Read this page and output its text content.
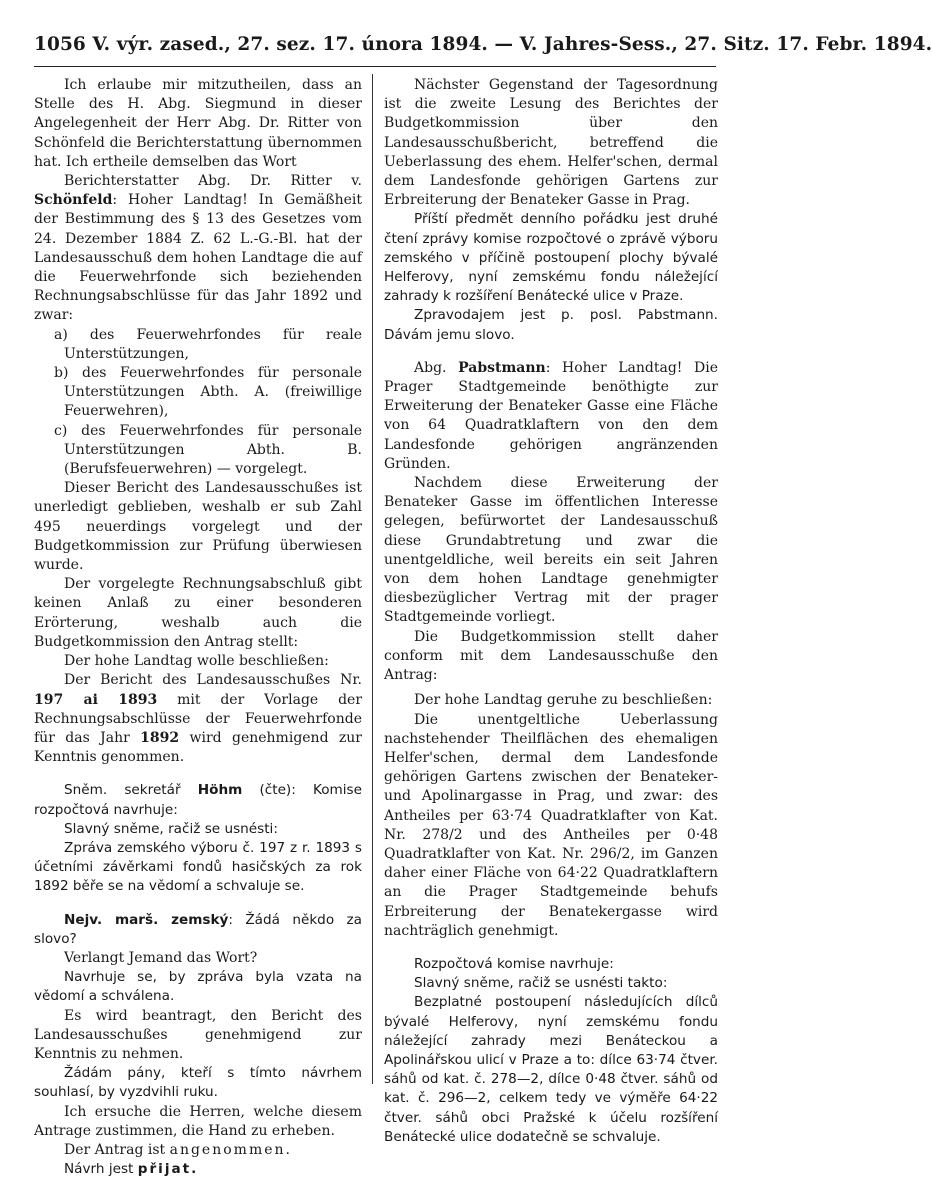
1056 V. výr. zased., 27. sez. 17. února 1894. — V. Jahres-Sess., 27. Sitz. 17. Febr. 1894.

Ich erlaube mir mitzutheilen, dass an Stelle des H. Abg. Siegmund in dieser Angelegenheit der Herr Abg. Dr. Ritter von Schönfeld die Berichterstattung übernommen hat. Ich ertheile demselben das Wort

Berichterstatter Abg. Dr. Ritter v. Schönfeld: Hoher Landtag! In Gemäßheit der Bestimmung des § 13 des Gesetzes vom 24. Dezember 1884 Z. 62 L.-G.-Bl. hat der Landesausschuß dem hohen Landtage die auf die Feuerwehrfonde sich beziehenden Rechnungsabschlüsse für das Jahr 1892 und zwar:

a) des Feuerwehrfondes für reale Unterstützungen,

b) des Feuerwehrfondes für personale Unterstützungen Abth. A. (freiwillige Feuerwehren),

c) des Feuerwehrfondes für personale Unterstützungen Abth. B. (Berufsfeuerwehren) — vorgelegt.

Dieser Bericht des Landesausschußes ist unerledigt geblieben, weshalb er sub Zahl 495 neuerdings vorgelegt und der Budgetkommission zur Prüfung überwiesen wurde.

Der vorgelegte Rechnungsabschluß gibt keinen Anlaß zu einer besonderen Erörterung, weshalb auch die Budgetkommission den Antrag stellt:

Der hohe Landtag wolle beschließen:

Der Bericht des Landesausschußes Nr. 197 ai 1893 mit der Vorlage der Rechnungsabschlüsse der Feuerwehrfonde für das Jahr 1892 wird genehmigend zur Kenntnis genommen.

Sněm. sekretář Höhm (čte): Komise rozpočtová navrhuje:

Slavný sněme, račiž se usnésti:

Zpráva zemského výboru č. 197 z r. 1893 s účetními závěrkami fondů hasičských za rok 1892 běře se na vědomí a schvaluje se.

Nejv. marš. zemský: Žádá někdo za slovo?

Verlangt Jemand das Wort?

Navrhuje se, by zpráva byla vzata na vědomí a schválena.

Es wird beantragt, den Bericht des Landesausschußes genehmigend zur Kenntnis zu nehmen.

Žádám pány, kteří s tímto návrhem souhlasí, by vyzdvihli ruku.

Ich ersuche die Herren, welche diesem Antrage zustimmen, die Hand zu erheben.

Der Antrag ist angenommen.

Návrh jest přijat.

Nächster Gegenstand der Tagesordnung ist die zweite Lesung des Berichtes der Budgetkommission über den Landesausschußbericht, betreffend die Ueberlassung des ehem. Helfer'schen, dermal dem Landesfonde gehörigen Gartens zur Erbreiterung der Benateker Gasse in Prag.

Příští předmět denního pořádku jest druhé čtení zprávy komise rozpočtové o zprávě výboru zemského v příčině postoupení plochy bývalé Helferovy, nyní zemskému fondu náležející zahrady k rozšíření Benátecké ulice v Praze.

Zpravodajem jest p. posl. Pabstmann. Dávám jemu slovo.

Abg. Pabstmann: Hoher Landtag! Die Prager Stadtgemeinde benöthigte zur Erweiterung der Benateker Gasse eine Fläche von 64 Quadratklaftern von den dem Landesfonde gehörigen angränzenden Gründen.

Nachdem diese Erweiterung der Benateker Gasse im öffentlichen Interesse gelegen, befürwortet der Landesausschuß diese Grundabtretung und zwar die unentgeldliche, weil bereits ein seit Jahren von dem hohen Landtage genehmigter diesbezüglicher Vertrag mit der prager Stadtgemeinde vorliegt.

Die Budgetkommission stellt daher conform mit dem Landesausschuße den Antrag:

Der hohe Landtag geruhe zu beschließen:

Die unentgeltliche Ueberlassung nachstehender Theilflächen des ehemaligen Helfer'schen, dermal dem Landesfonde gehörigen Gartens zwischen der Benateker- und Apolinargasse in Prag, und zwar: des Antheiles per 63·74 Quadratklafter von Kat. Nr. 278/2 und des Antheiles per 0·48 Quadratklafter von Kat. Nr. 296/2, im Ganzen daher einer Fläche von 64·22 Quadratklaftern an die Prager Stadtgemeinde behufs Erbreiterung der Benatekergasse wird nachträglich genehmigt.

Rozpočtová komise navrhuje:

Slavný sněme, račiž se usnésti takto:

Bezplatné postoupení následujících dílců bývalé Helferovy, nyní zemskému fondu náležející zahrady mezi Benáteckou a Apolinářskou ulicí v Praze a to: dílce 63·74 čtver. sáhů od kat. č. 278—2, dílce 0·48 čtver. sáhů od kat. č. 296—2, celkem tedy ve výměře 64·22 čtver. sáhů obci Pražské k účelu rozšíření Benátecké ulice dodatečně se schvaluje.
